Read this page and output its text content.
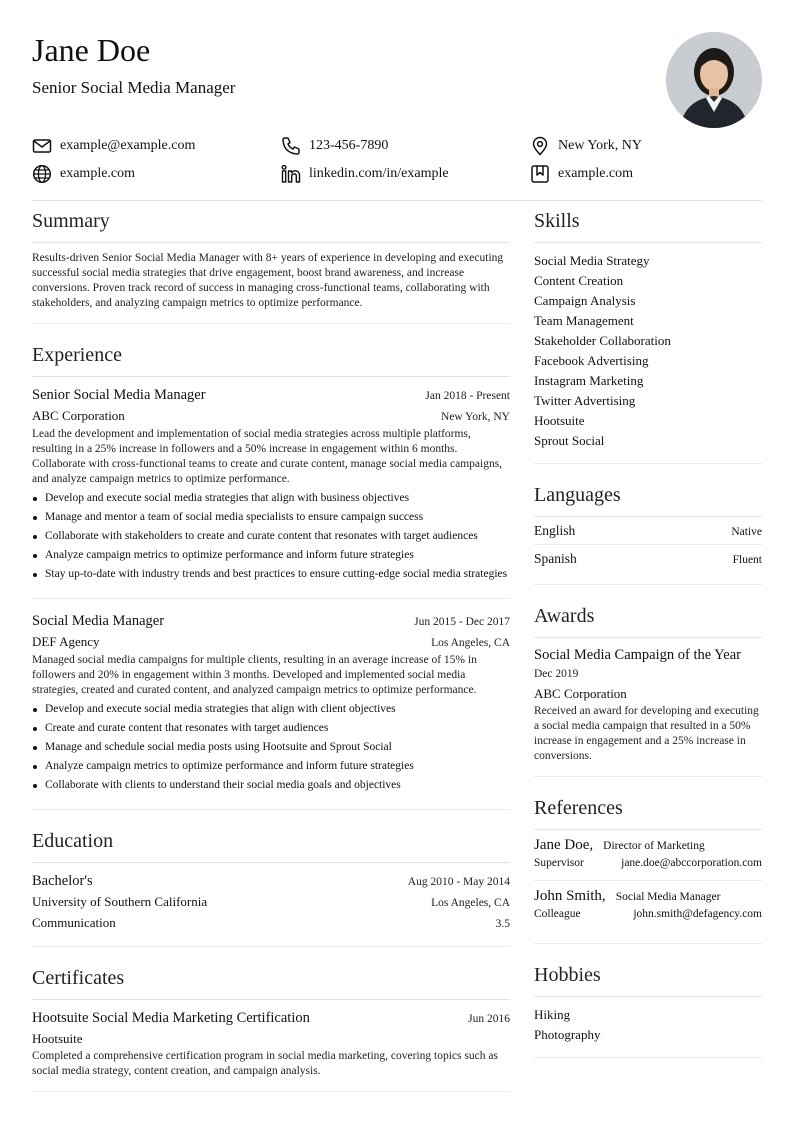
Jane Doe
Senior Social Media Manager
example@example.com	123-456-7890	New York, NY
example.com	linkedin.com/in/example	example.com
Summary

Results-driven Senior Social Media Manager with 8+ years of experience in developing and executing successful social media strategies that drive engagement, boost brand awareness, and increase conversions. Proven track record of success in managing cross-functional teams, collaborating with stakeholders, and analyzing campaign metrics to optimize performance.

Experience
Senior Social Media Manager	Jan 2018 - Present
ABC Corporation	New York, NY

Lead the development and implementation of social media strategies across multiple platforms, resulting in a 25% increase in followers and a 50% increase in engagement within 6 months. Collaborate with cross-functional teams to create and curate content, manage social media campaigns, and analyze campaign metrics to optimize performance.

Develop and execute social media strategies that align with business objectives
Manage and mentor a team of social media specialists to ensure campaign success
Collaborate with stakeholders to create and curate content that resonates with target audiences
Analyze campaign metrics to optimize performance and inform future strategies
Stay up-to-date with industry trends and best practices to ensure cutting-edge social media strategies
Social Media Manager	Jun 2015 - Dec 2017
DEF Agency	Los Angeles, CA

Managed social media campaigns for multiple clients, resulting in an average increase of 15% in followers and 20% in engagement within 3 months. Developed and implemented social media strategies, created and curated content, and analyzed campaign metrics to optimize performance.

Develop and execute social media strategies that align with client objectives
Create and curate content that resonates with target audiences
Manage and schedule social media posts using Hootsuite and Sprout Social
Analyze campaign metrics to optimize performance and inform future strategies
Collaborate with clients to understand their social media goals and objectives
Education
Bachelor's	Aug 2010 - May 2014
University of Southern California	Los Angeles, CA
Communication	3.5
Certificates
Hootsuite Social Media Marketing Certification	Jun 2016
Hootsuite

Completed a comprehensive certification program in social media marketing, covering topics such as social media strategy, content creation, and campaign analysis.

Skills
Social Media Strategy
Content Creation
Campaign Analysis
Team Management
Stakeholder Collaboration
Facebook Advertising
Instagram Marketing
Twitter Advertising
Hootsuite
Sprout Social
Languages
English	Native
Spanish	Fluent
Awards
Social Media Campaign of the Year
Dec 2019
ABC Corporation

Received an award for developing and executing a social media campaign that resulted in a 50% increase in engagement and a 25% increase in conversions.

References
Jane Doe, Director of Marketing
Supervisor	jane.doe@abccorporation.com
John Smith, Social Media Manager
Colleague	john.smith@defagency.com
Hobbies
Hiking
Photography
